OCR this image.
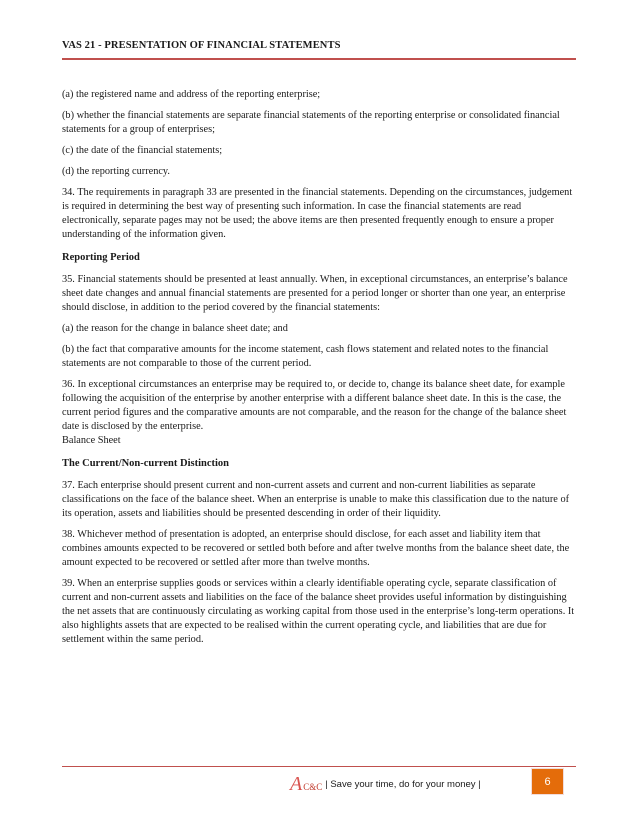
VAS 21 - PRESENTATION OF FINANCIAL STATEMENTS

(a) the registered name and address of the reporting enterprise;

(b) whether the financial statements are separate financial statements of the reporting enterprise or consolidated financial statements for a group of enterprises;

(c) the date of the financial statements;

(d) the reporting currency.

34. The requirements in paragraph 33 are presented in the financial statements. Depending on the circumstances, judgement is required in determining the best way of presenting such information. In case the financial statements are read electronically, separate pages may not be used; the above items are then presented frequently enough to ensure a proper understanding of the information given.

Reporting Period

35. Financial statements should be presented at least annually. When, in exceptional circumstances, an enterprise’s balance sheet date changes and annual financial statements are presented for a period longer or shorter than one year, an enterprise should disclose, in addition to the period covered by the financial statements:

(a) the reason for the change in balance sheet date; and

(b) the fact that comparative amounts for the income statement, cash flows statement and related notes to the financial statements are not comparable to those of the current period.

36. In exceptional circumstances an enterprise may be required to, or decide to, change its balance sheet date, for example following the acquisition of the enterprise by another enterprise with a different balance sheet date. In this is the case, the current period figures and the comparative amounts are not comparable, and the reason for the change of the balance sheet date is disclosed by the enterprise.

Balance Sheet

The Current/Non-current Distinction

37. Each enterprise should present current and non-current assets and current and non-current liabilities as separate classifications on the face of the balance sheet. When an enterprise is unable to make this classification due to the nature of its operation, assets and liabilities should be presented descending in order of their liquidity.

38. Whichever method of presentation is adopted, an enterprise should disclose, for each asset and liability item that combines amounts expected to be recovered or settled both before and after twelve months from the balance sheet date, the amount expected to be recovered or settled after more than twelve months.

39. When an enterprise supplies goods or services within a clearly identifiable operating cycle, separate classification of current and non-current assets and liabilities on the face of the balance sheet provides useful information by distinguishing the net assets that are continuously circulating as working capital from those used in the enterprise’s long-term operations. It also highlights assets that are expected to be realised within the current operating cycle, and liabilities that are due for settlement within the same period.

A C&C | Save your time, do for your money |	6
